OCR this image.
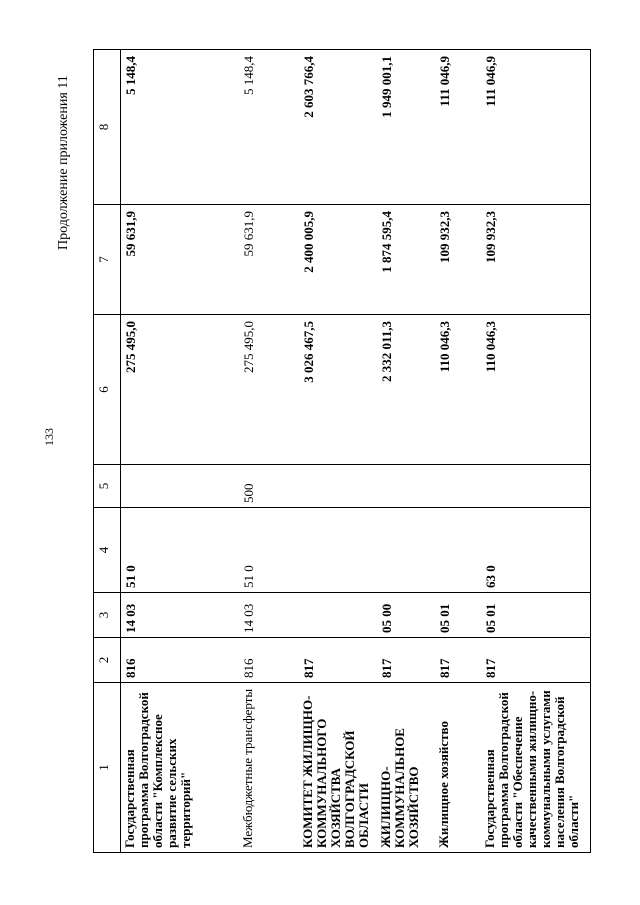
133
Продолжение приложения 11
1	2	3	4	5	6	7	8
Государственная программа Волгоградской области "Комплексное развитие сельских территорий"	816	14 03	51 0		275 495,0	59 631,9	5 148,4
Межбюджетные трансферты	816	14 03	51 0	500	275 495,0	59 631,9	5 148,4
КОМИТЕТ ЖИЛИЩНО-КОММУНАЛЬНОГО ХОЗЯЙСТВА ВОЛГОГРАДСКОЙ ОБЛАСТИ	817				3 026 467,5	2 400 005,9	2 603 766,4
ЖИЛИЩНО-КОММУНАЛЬНОЕ ХОЗЯЙСТВО	817	05 00			2 332 011,3	1 874 595,4	1 949 001,1
Жилищное хозяйство	817	05 01			110 046,3	109 932,3	111 046,9
Государственная программа Волгоградской области "Обеспечение качественными жилищно-коммунальными услугами населения Волгоградской области"	817	05 01	63 0		110 046,3	109 932,3	111 046,9
